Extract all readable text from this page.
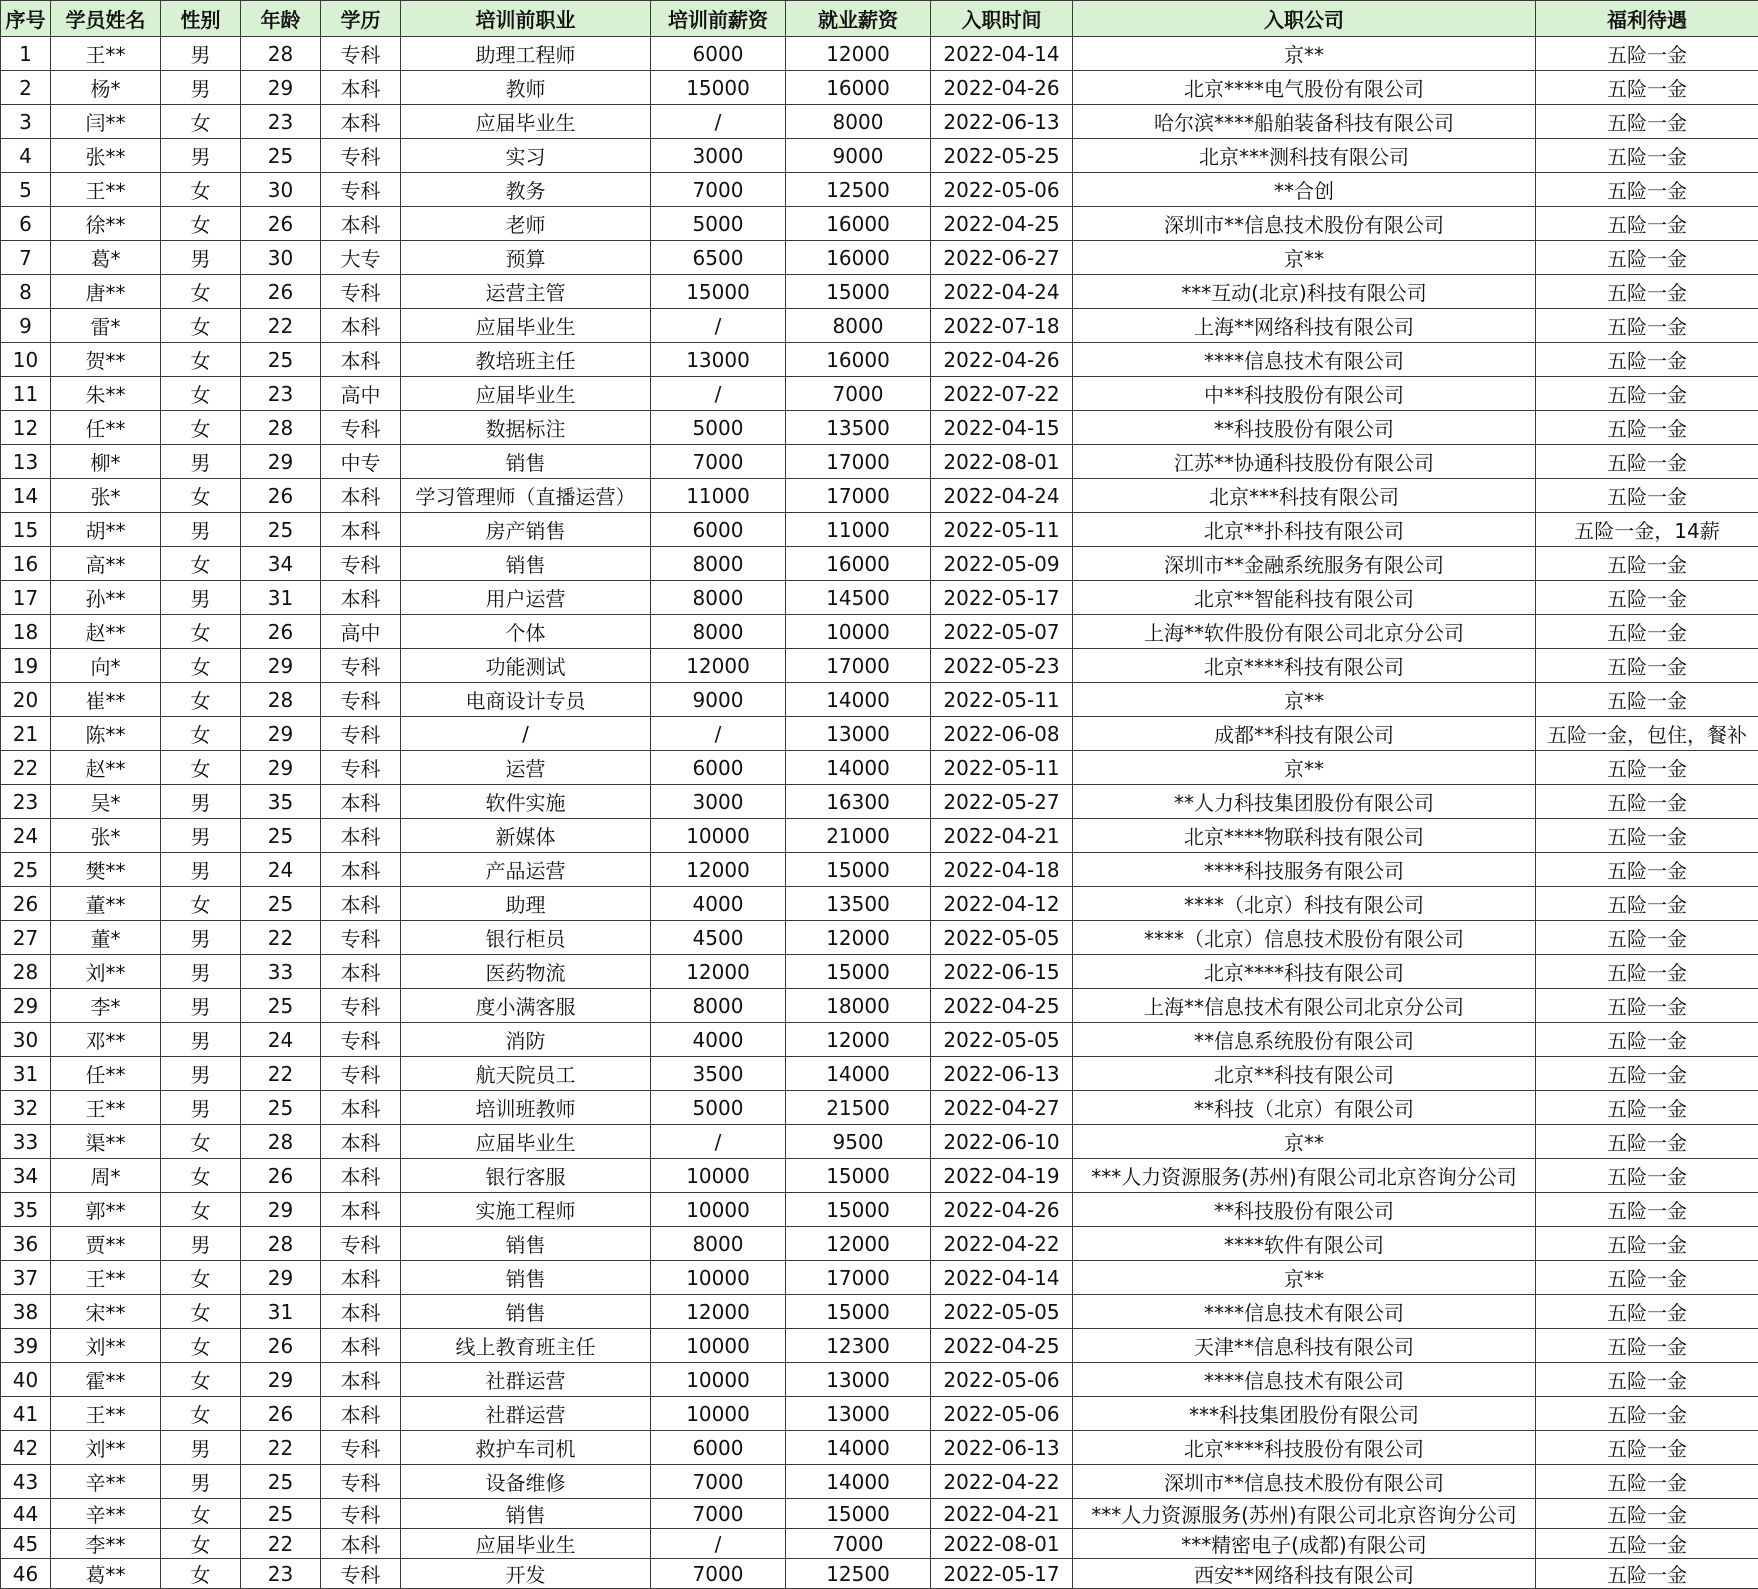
序号	学员姓名	性别	年龄	学历	培训前职业	培训前薪资	就业薪资	入职时间	入职公司	福利待遇
1	王**	男	28	专科	助理工程师	6000	12000	2022-04-14	京**	五险一金
2	杨*	男	29	本科	教师	15000	16000	2022-04-26	北京****电气股份有限公司	五险一金
3	闫**	女	23	本科	应届毕业生	/	8000	2022-06-13	哈尔滨****船舶装备科技有限公司	五险一金
4	张**	男	25	专科	实习	3000	9000	2022-05-25	北京***测科技有限公司	五险一金
5	王**	女	30	专科	教务	7000	12500	2022-05-06	**合创	五险一金
6	徐**	女	26	本科	老师	5000	16000	2022-04-25	深圳市**信息技术股份有限公司	五险一金
7	葛*	男	30	大专	预算	6500	16000	2022-06-27	京**	五险一金
8	唐**	女	26	专科	运营主管	15000	15000	2022-04-24	***互动(北京)科技有限公司	五险一金
9	雷*	女	22	本科	应届毕业生	/	8000	2022-07-18	上海**网络科技有限公司	五险一金
10	贺**	女	25	本科	教培班主任	13000	16000	2022-04-26	****信息技术有限公司	五险一金
11	朱**	女	23	高中	应届毕业生	/	7000	2022-07-22	中**科技股份有限公司	五险一金
12	任**	女	28	专科	数据标注	5000	13500	2022-04-15	**科技股份有限公司	五险一金
13	柳*	男	29	中专	销售	7000	17000	2022-08-01	江苏**协通科技股份有限公司	五险一金
14	张*	女	26	本科	学习管理师（直播运营）	11000	17000	2022-04-24	北京***科技有限公司	五险一金
15	胡**	男	25	本科	房产销售	6000	11000	2022-05-11	北京**扑科技有限公司	五险一金，14薪
16	高**	女	34	专科	销售	8000	16000	2022-05-09	深圳市**金融系统服务有限公司	五险一金
17	孙**	男	31	本科	用户运营	8000	14500	2022-05-17	北京**智能科技有限公司	五险一金
18	赵**	女	26	高中	个体	8000	10000	2022-05-07	上海**软件股份有限公司北京分公司	五险一金
19	向*	女	29	专科	功能测试	12000	17000	2022-05-23	北京****科技有限公司	五险一金
20	崔**	女	28	专科	电商设计专员	9000	14000	2022-05-11	京**	五险一金
21	陈**	女	29	专科	/	/	13000	2022-06-08	成都**科技有限公司	五险一金，包住，餐补
22	赵**	女	29	专科	运营	6000	14000	2022-05-11	京**	五险一金
23	吴*	男	35	本科	软件实施	3000	16300	2022-05-27	**人力科技集团股份有限公司	五险一金
24	张*	男	25	本科	新媒体	10000	21000	2022-04-21	北京****物联科技有限公司	五险一金
25	樊**	男	24	本科	产品运营	12000	15000	2022-04-18	****科技服务有限公司	五险一金
26	董**	女	25	本科	助理	4000	13500	2022-04-12	****（北京）科技有限公司	五险一金
27	董*	男	22	专科	银行柜员	4500	12000	2022-05-05	****（北京）信息技术股份有限公司	五险一金
28	刘**	男	33	本科	医药物流	12000	15000	2022-06-15	北京****科技有限公司	五险一金
29	李*	男	25	专科	度小满客服	8000	18000	2022-04-25	上海**信息技术有限公司北京分公司	五险一金
30	邓**	男	24	专科	消防	4000	12000	2022-05-05	**信息系统股份有限公司	五险一金
31	任**	男	22	专科	航天院员工	3500	14000	2022-06-13	北京**科技有限公司	五险一金
32	王**	男	25	本科	培训班教师	5000	21500	2022-04-27	**科技（北京）有限公司	五险一金
33	渠**	女	28	本科	应届毕业生	/	9500	2022-06-10	京**	五险一金
34	周*	女	26	本科	银行客服	10000	15000	2022-04-19	***人力资源服务(苏州)有限公司北京咨询分公司	五险一金
35	郭**	女	29	本科	实施工程师	10000	15000	2022-04-26	**科技股份有限公司	五险一金
36	贾**	男	28	专科	销售	8000	12000	2022-04-22	****软件有限公司	五险一金
37	王**	女	29	本科	销售	10000	17000	2022-04-14	京**	五险一金
38	宋**	女	31	本科	销售	12000	15000	2022-05-05	****信息技术有限公司	五险一金
39	刘**	女	26	本科	线上教育班主任	10000	12300	2022-04-25	天津**信息科技有限公司	五险一金
40	霍**	女	29	本科	社群运营	10000	13000	2022-05-06	****信息技术有限公司	五险一金
41	王**	女	26	本科	社群运营	10000	13000	2022-05-06	***科技集团股份有限公司	五险一金
42	刘**	男	22	专科	救护车司机	6000	14000	2022-06-13	北京****科技股份有限公司	五险一金
43	辛**	男	25	专科	设备维修	7000	14000	2022-04-22	深圳市**信息技术股份有限公司	五险一金
44	辛**	女	25	专科	销售	7000	15000	2022-04-21	***人力资源服务(苏州)有限公司北京咨询分公司	五险一金
45	李**	女	22	本科	应届毕业生	/	7000	2022-08-01	***精密电子(成都)有限公司	五险一金
46	葛**	女	23	专科	开发	7000	12500	2022-05-17	西安**网络科技有限公司	五险一金
